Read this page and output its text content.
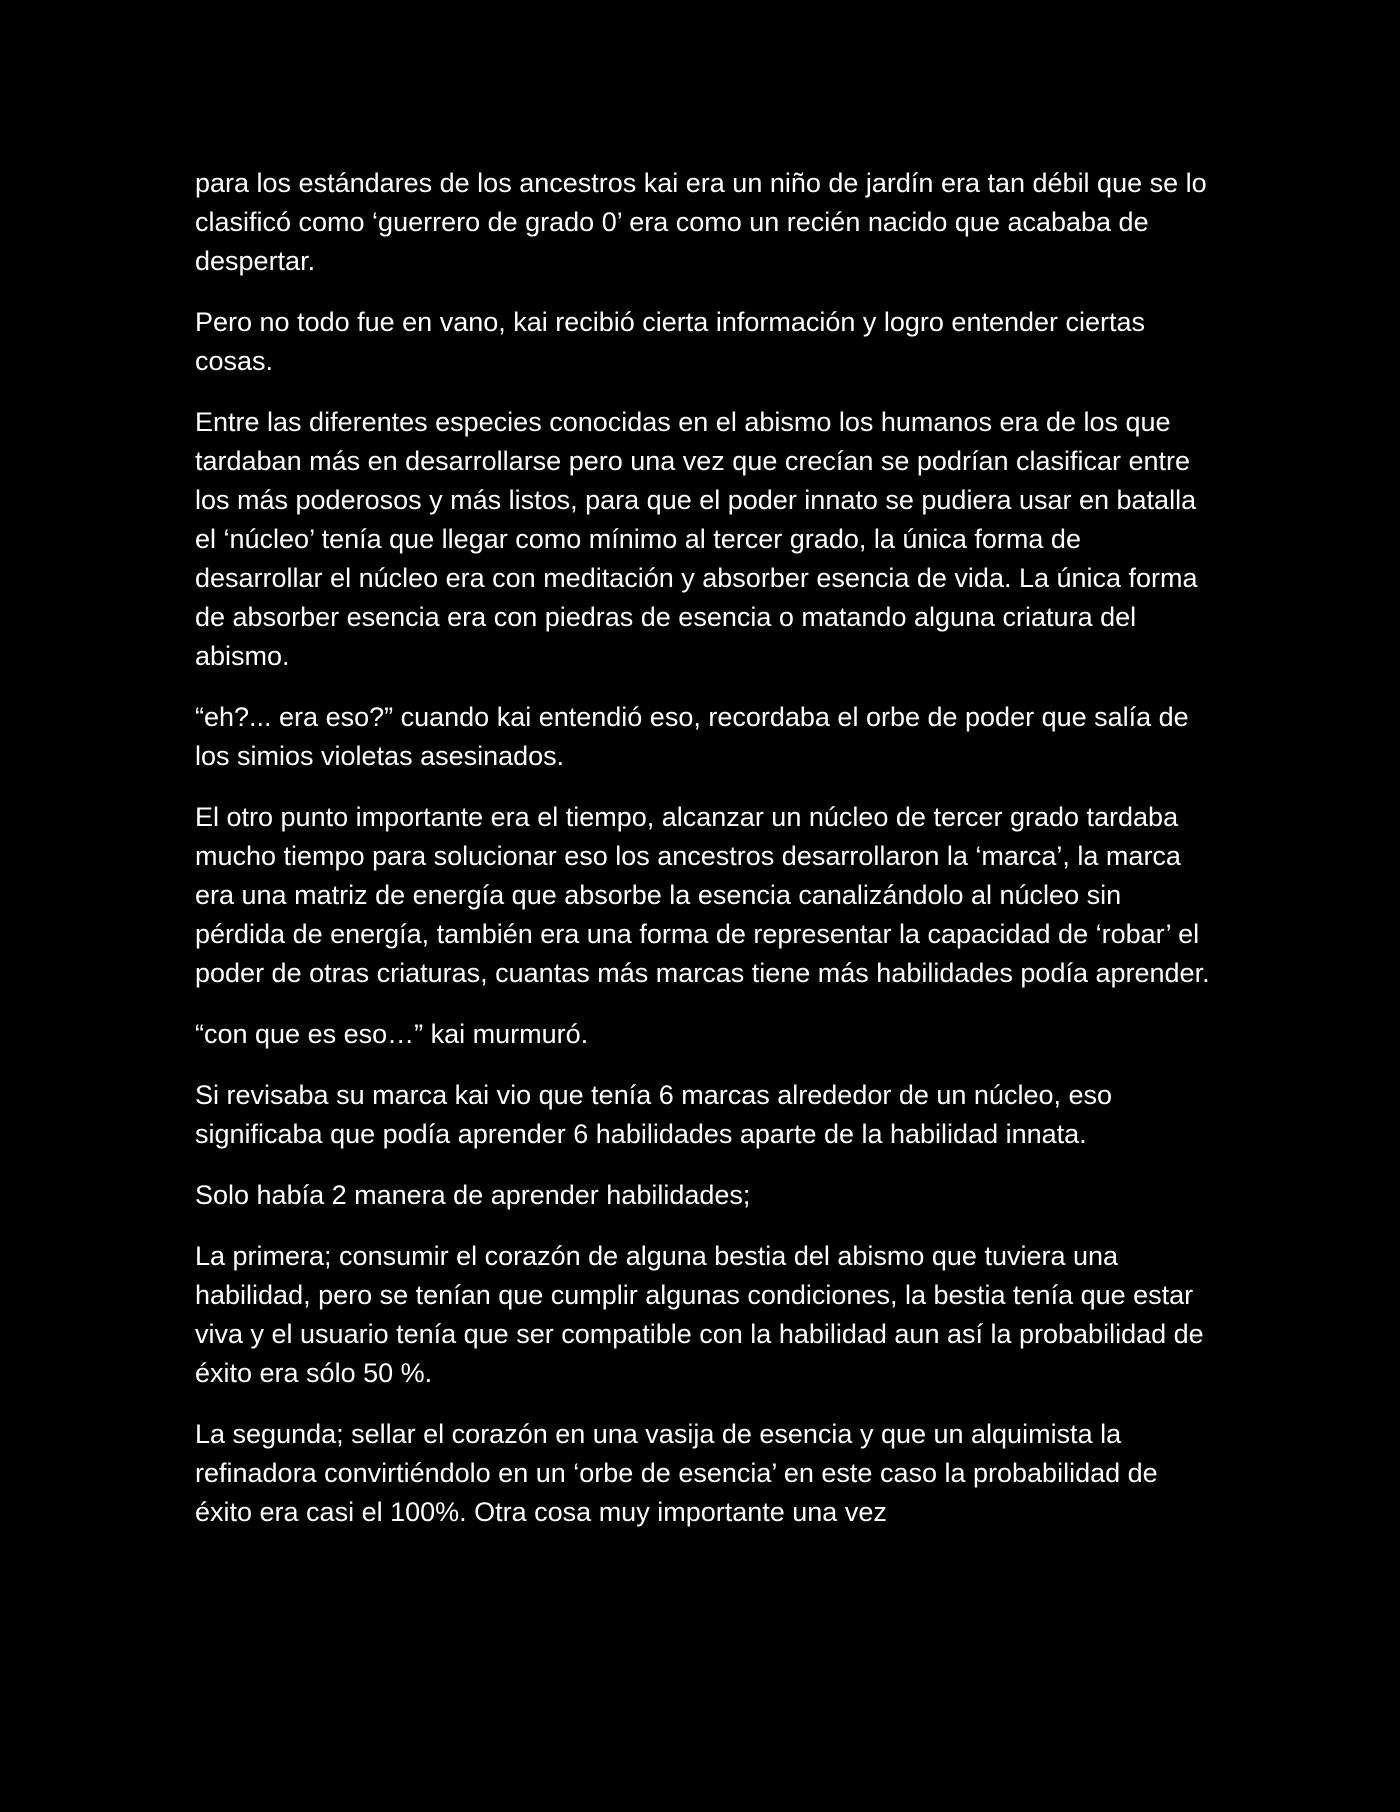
para los estándares de los ancestros kai era un niño de jardín era tan débil que se lo clasificó como ‘guerrero de grado 0’ era como un recién nacido que acababa de despertar.

Pero no todo fue en vano, kai recibió cierta información y logro entender ciertas cosas.

Entre las diferentes especies conocidas en el abismo los humanos era de los que tardaban más en desarrollarse pero una vez que crecían se podrían clasificar entre los más poderosos y más listos, para que el poder innato se pudiera usar en batalla el ‘núcleo’ tenía que llegar como mínimo al tercer grado, la única forma de desarrollar el núcleo era con meditación y absorber esencia de vida. La única forma de absorber esencia era con piedras de esencia o matando alguna criatura del abismo.

“eh?... era eso?” cuando kai entendió eso, recordaba el orbe de poder que salía de los simios violetas asesinados.

El otro punto importante era el tiempo, alcanzar un núcleo de tercer grado tardaba mucho tiempo para solucionar eso los ancestros desarrollaron la ‘marca’, la marca era una matriz de energía que absorbe la esencia canalizándolo al núcleo sin pérdida de energía, también era una forma de representar la capacidad de ‘robar’ el poder de otras criaturas, cuantas más marcas tiene más habilidades podía aprender.

“con que es eso…” kai murmuró.

Si revisaba su marca kai vio que tenía 6 marcas alrededor de un núcleo, eso significaba que podía aprender 6 habilidades aparte de la habilidad innata.

Solo había 2 manera de aprender habilidades;

La primera; consumir el corazón de alguna bestia del abismo que tuviera una habilidad, pero se tenían que cumplir algunas condiciones, la bestia tenía que estar viva y el usuario tenía que ser compatible con la habilidad aun así la probabilidad de éxito era sólo 50 %.

La segunda; sellar el corazón en una vasija de esencia y que un alquimista la refinadora convirtiéndolo en un ‘orbe de esencia’ en este caso la probabilidad de éxito era casi el 100%. Otra cosa muy importante una vez
